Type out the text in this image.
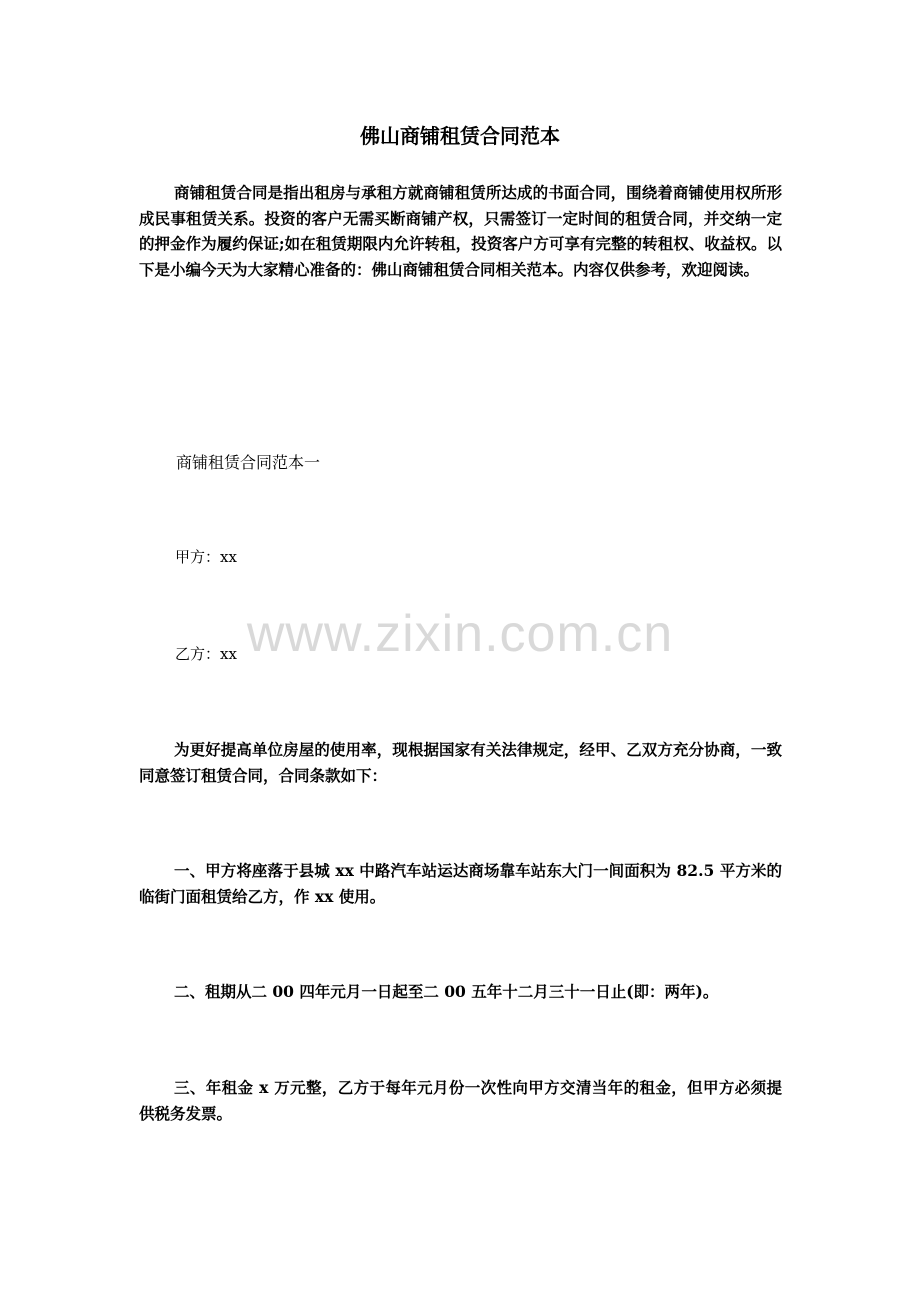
佛山商铺租赁合同范本

商铺租赁合同是指出租房与承租方就商铺租赁所达成的书面合同，围绕着商铺使用权所形成民事租赁关系。投资的客户无需买断商铺产权，只需签订一定时间的租赁合同，并交纳一定的押金作为履约保证;如在租赁期限内允许转租，投资客户方可享有完整的转租权、收益权。以下是小编今天为大家精心准备的：佛山商铺租赁合同相关范本。内容仅供参考，欢迎阅读。

商铺租赁合同范本一

甲方：xx

乙方：xx

为更好提高单位房屋的使用率，现根据国家有关法律规定，经甲、乙双方充分协商，一致同意签订租赁合同，合同条款如下：

一、甲方将座落于县城 xx 中路汽车站运达商场靠车站东大门一间面积为 82.5 平方米的临街门面租赁给乙方，作 xx 使用。

二、租期从二 00 四年元月一日起至二 00 五年十二月三十一日止(即：两年)。

三、年租金 x 万元整，乙方于每年元月份一次性向甲方交清当年的租金，但甲方必须提供税务发票。

www.zixin.com.cn
